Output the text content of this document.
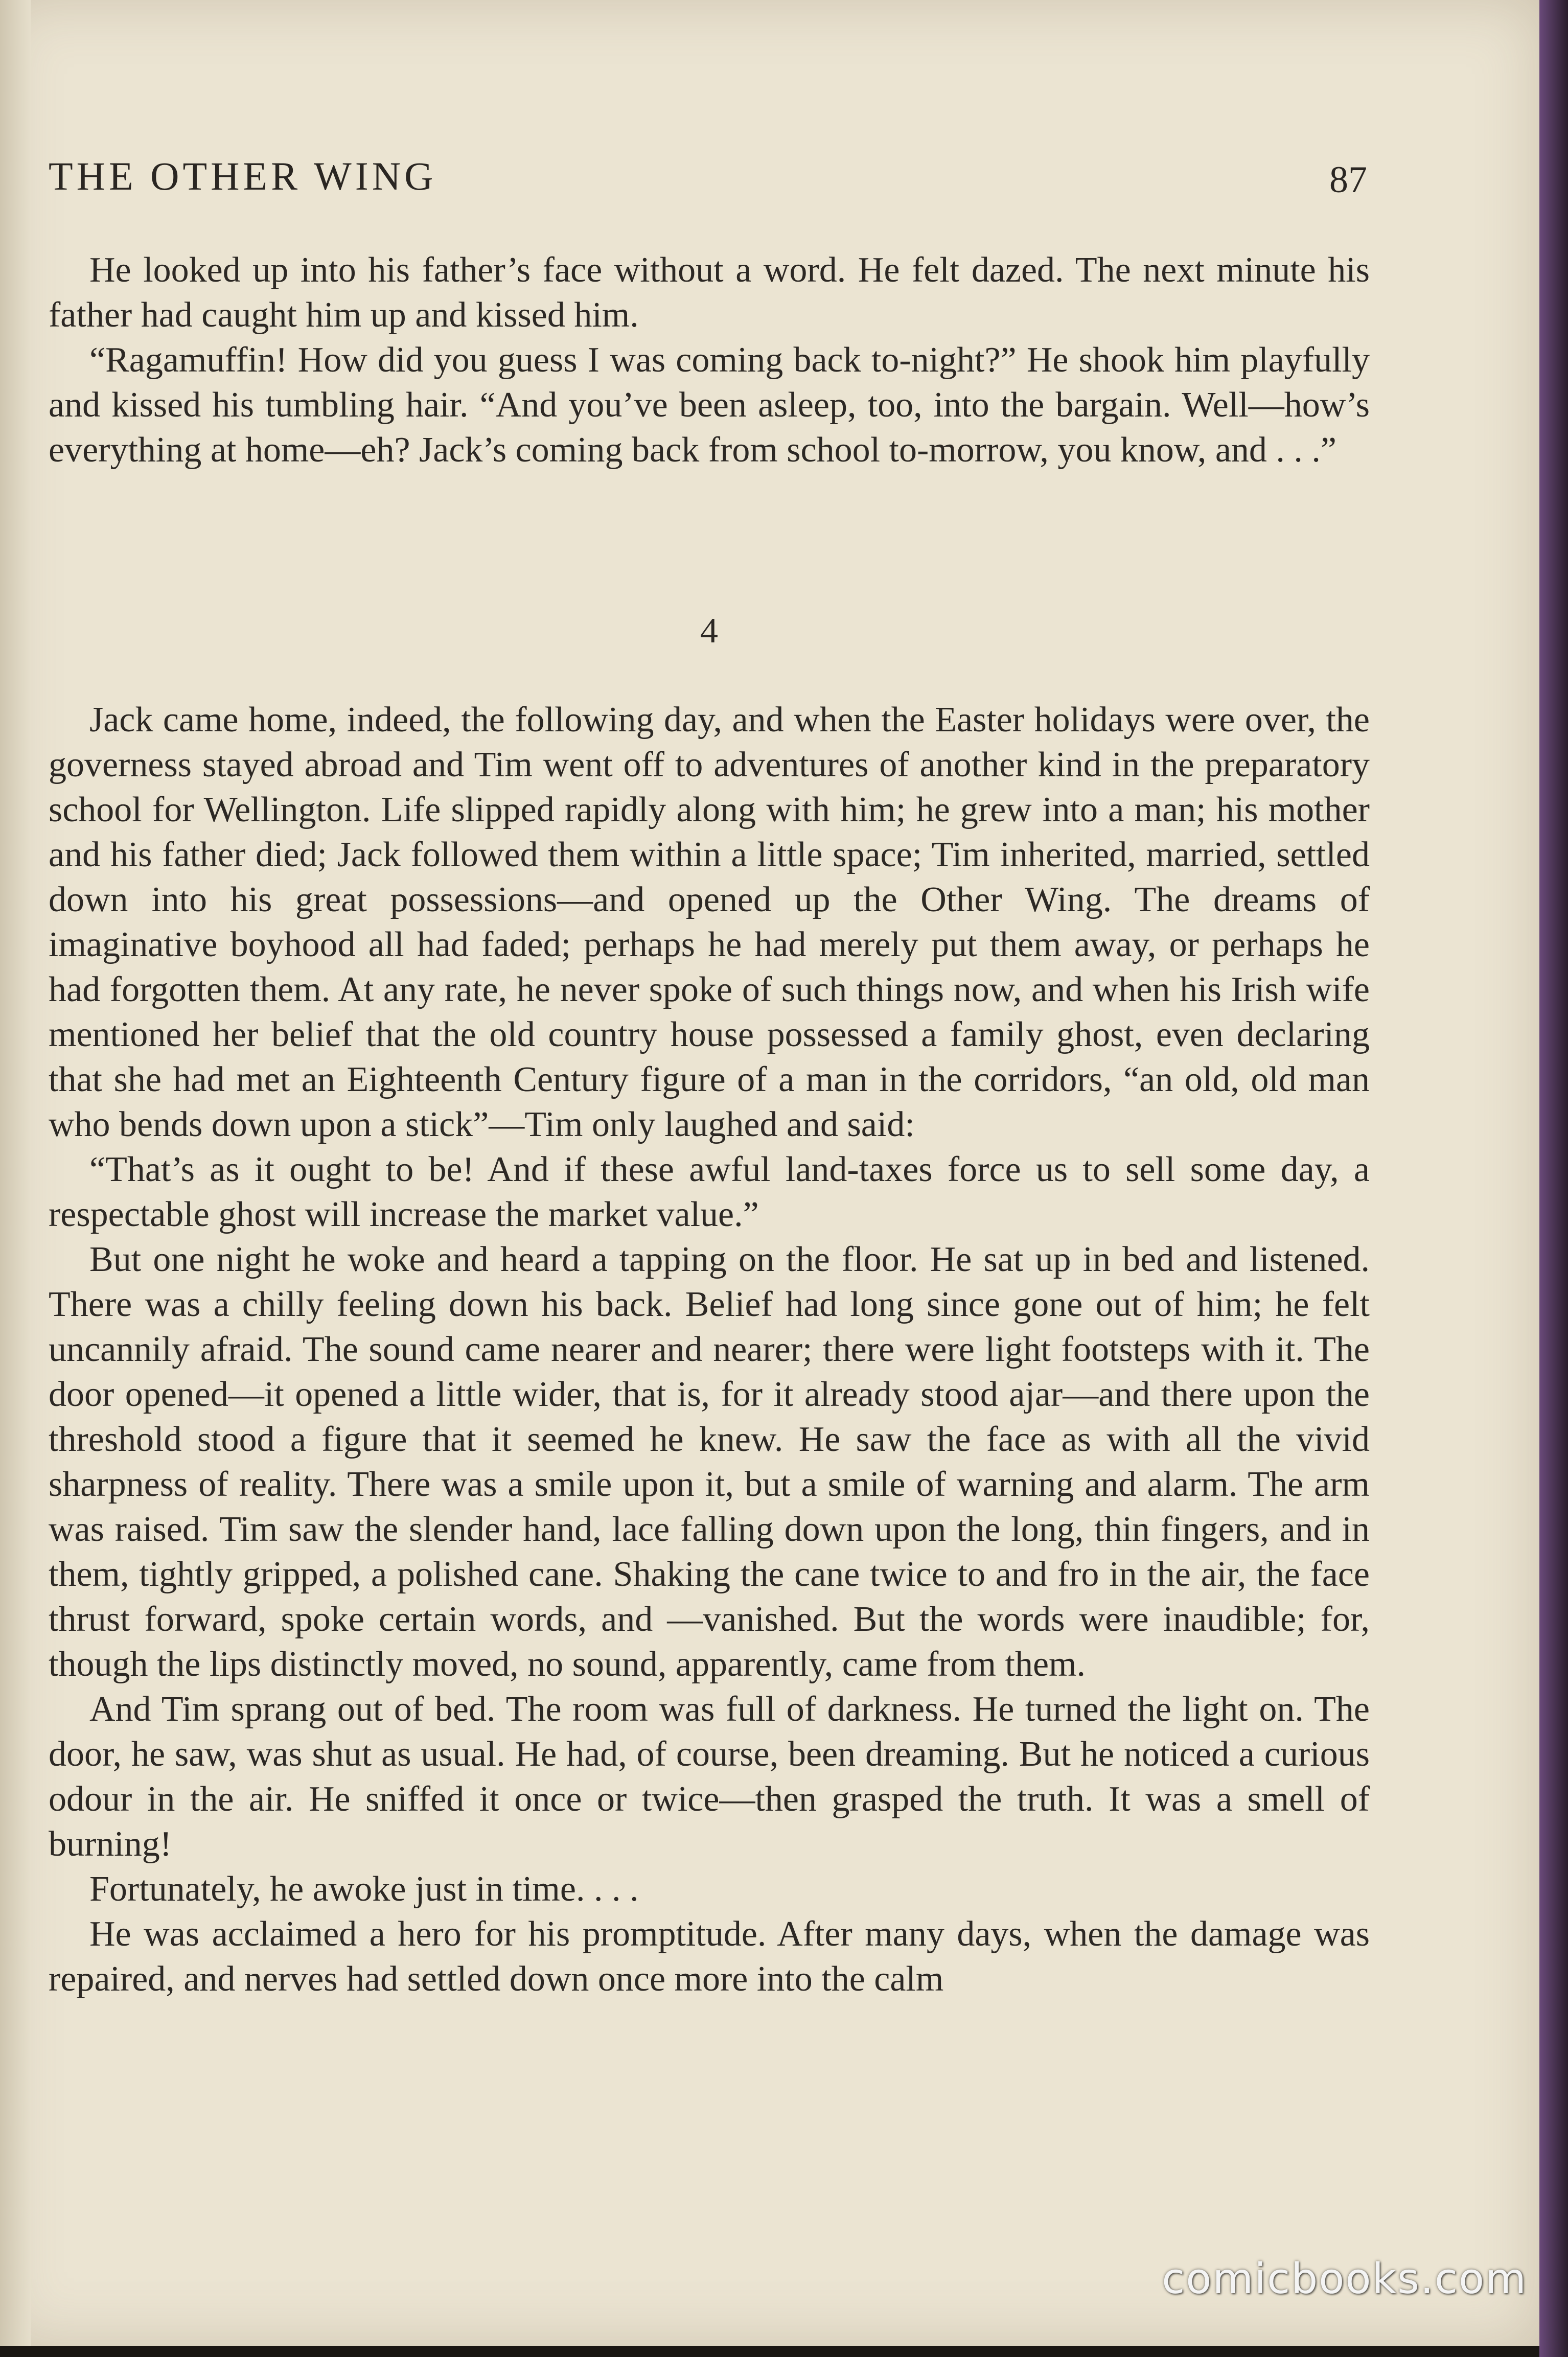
THE OTHER WING	87

He looked up into his father’s face without a word. He felt dazed. The next minute his father had caught him up and kissed him.

“Ragamuffin! How did you guess I was coming back to-night?” He shook him playfully and kissed his tumbling hair. “And you’ve been asleep, too, into the bargain. Well—how’s everything at home—eh? Jack’s coming back from school to-morrow, you know, and . . .”

4

Jack came home, indeed, the following day, and when the Easter holidays were over, the governess stayed abroad and Tim went off to adventures of another kind in the preparatory school for Wellington. Life slipped rapidly along with him; he grew into a man; his mother and his father died; Jack followed them within a little space; Tim inherited, married, settled down into his great possessions—and opened up the Other Wing. The dreams of imaginative boyhood all had faded; perhaps he had merely put them away, or perhaps he had forgotten them. At any rate, he never spoke of such things now, and when his Irish wife mentioned her belief that the old country house possessed a family ghost, even declaring that she had met an Eighteenth Century figure of a man in the corridors, “an old, old man who bends down upon a stick”—Tim only laughed and said:

“That’s as it ought to be! And if these awful land-taxes force us to sell some day, a respectable ghost will increase the market value.”

But one night he woke and heard a tapping on the floor. He sat up in bed and listened. There was a chilly feeling down his back. Belief had long since gone out of him; he felt uncannily afraid. The sound came nearer and nearer; there were light footsteps with it. The door opened—it opened a little wider, that is, for it already stood ajar—and there upon the threshold stood a figure that it seemed he knew. He saw the face as with all the vivid sharpness of reality. There was a smile upon it, but a smile of warning and alarm. The arm was raised. Tim saw the slender hand, lace falling down upon the long, thin fingers, and in them, tightly gripped, a polished cane. Shaking the cane twice to and fro in the air, the face thrust forward, spoke certain words, and —vanished. But the words were inaudible; for, though the lips distinctly moved, no sound, apparently, came from them.

And Tim sprang out of bed. The room was full of darkness. He turned the light on. The door, he saw, was shut as usual. He had, of course, been dreaming. But he noticed a curious odour in the air. He sniffed it once or twice—then grasped the truth. It was a smell of burning!

Fortunately, he awoke just in time. . . .

He was acclaimed a hero for his promptitude. After many days, when the damage was repaired, and nerves had settled down once more into the calm

comicbooks.com
